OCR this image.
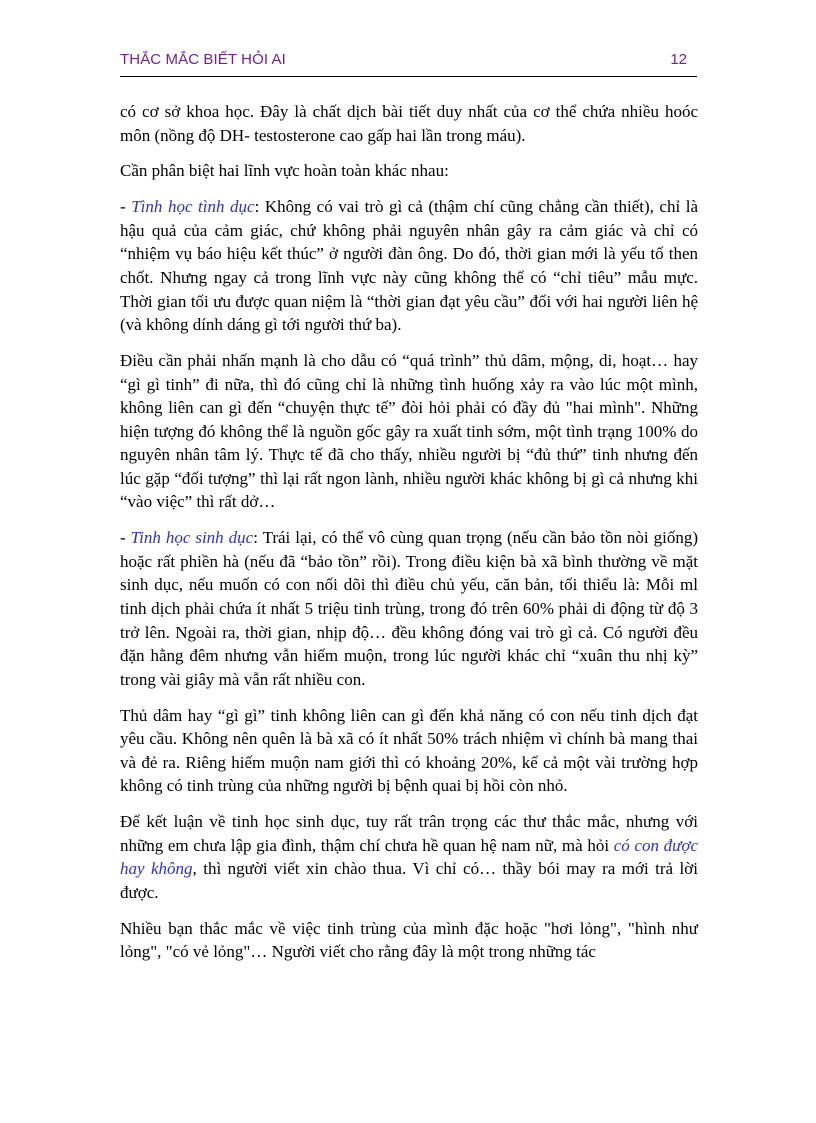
THẮC MẮC BIẾT HỎI AI	12

có cơ sở khoa học. Đây là chất dịch bài tiết duy nhất của cơ thể chứa nhiều hoóc môn (nồng độ DH- testosterone cao gấp hai lần trong máu).

Cần phân biệt hai lĩnh vực hoàn toàn khác nhau:

- Tình học tình dục: Không có vai trò gì cả (thậm chí cũng chẳng cần thiết), chỉ là hậu quả của cảm giác, chứ không phải nguyên nhân gây ra cảm giác và chỉ có “nhiệm vụ báo hiệu kết thúc” ở người đàn ông. Do đó, thời gian mới là yếu tố then chốt. Nhưng ngay cả trong lĩnh vực này cũng không thể có “chỉ tiêu” mẫu mực. Thời gian tối ưu được quan niệm là “thời gian đạt yêu cầu” đối với hai người liên hệ (và không dính dáng gì tới người thứ ba).

Điều cần phải nhấn mạnh là cho dẫu có “quá trình” thủ dâm, mộng, di, hoạt… hay “gì gì tinh” đi nữa, thì đó cũng chỉ là những tình huống xảy ra vào lúc một mình, không liên can gì đến “chuyện thực tế” đòi hỏi phải có đầy đủ "hai mình". Những hiện tượng đó không thể là nguồn gốc gây ra xuất tinh sớm, một tình trạng 100% do nguyên nhân tâm lý. Thực tế đã cho thấy, nhiều người bị “đủ thứ” tinh nhưng đến lúc gặp “đối tượng” thì lại rất ngon lành, nhiều người khác không bị gì cả nhưng khi “vào việc” thì rất dở…

- Tinh học sinh dục: Trái lại, có thể vô cùng quan trọng (nếu cần bảo tồn nòi giống) hoặc rất phiền hà (nếu đã “bảo tồn” rồi). Trong điều kiện bà xã bình thường về mặt sinh dục, nếu muốn có con nối dõi thì điều chủ yếu, căn bản, tối thiểu là: Mỗi ml tinh dịch phải chứa ít nhất 5 triệu tinh trùng, trong đó trên 60% phải di động từ độ 3 trở lên. Ngoài ra, thời gian, nhịp độ… đều không đóng vai trò gì cả. Có người đều đặn hằng đêm nhưng vẫn hiếm muộn, trong lúc người khác chỉ “xuân thu nhị kỳ” trong vài giây mà vẫn rất nhiều con.

Thủ dâm hay “gì gì” tinh không liên can gì đến khả năng có con nếu tinh dịch đạt yêu cầu. Không nên quên là bà xã có ít nhất 50% trách nhiệm vì chính bà mang thai và đẻ ra. Riêng hiếm muộn nam giới thì có khoảng 20%, kể cả một vài trường hợp không có tinh trùng của những người bị bệnh quai bị hồi còn nhỏ.

Để kết luận về tinh học sinh dục, tuy rất trân trọng các thư thắc mắc, nhưng với những em chưa lập gia đình, thậm chí chưa hề quan hệ nam nữ, mà hỏi có con được hay không, thì người viết xin chào thua. Vì chỉ có… thầy bói may ra mới trả lời được.

Nhiều bạn thắc mắc về việc tinh trùng của mình đặc hoặc "hơi lỏng", "hình như lỏng", "có vẻ lỏng"… Người viết cho rằng đây là một trong những tác
